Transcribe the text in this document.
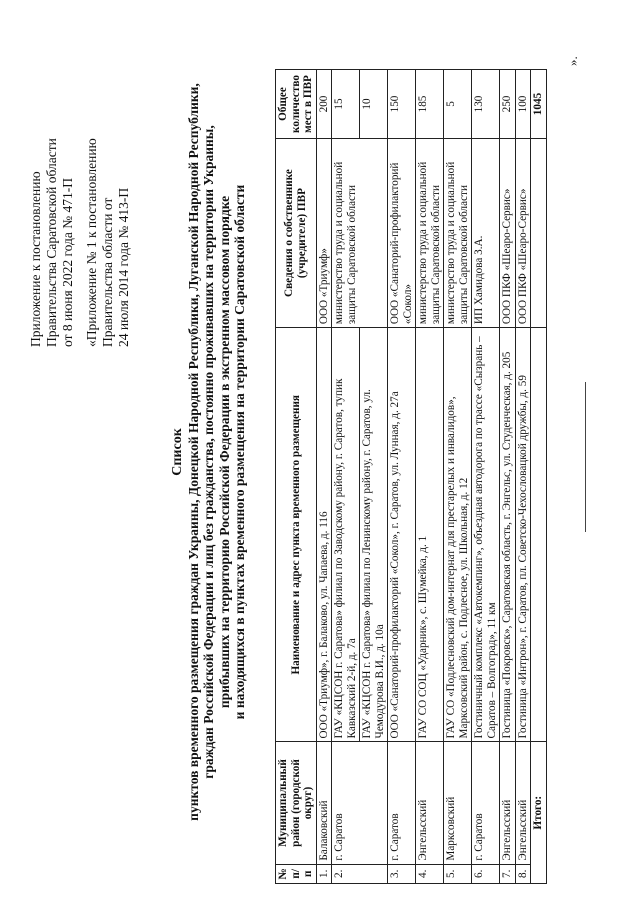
Приложение к постановлению Правительства Саратовской области от 8 июня 2022 года № 471-П «Приложение № 1 к постановлению Правительства области от 24 июля 2014 года № 413-П
Список пунктов временного размещения граждан Украины, Донецкой Народной Республики, Луганской Народной Республики, граждан Российской Федерации и лиц без гражданства, постоянно проживавших на территории Украины, прибывших на территорию Российской Федерации в экстренном массовом порядке и находящихся в пунктах временного размещения на территории Саратовской области
№ п/п	Муниципальный район (городской округ)	Наименование и адрес пункта временного размещения	Сведения о собственнике (учредителе) ПВР	Общее количество мест в ПВР
1.	Балаковский	ООО «Триумф», г. Балаково, ул. Чапаева, д. 116	ООО «Триумф»	200
2.	г. Саратов	ГАУ «КЦСОН г. Саратова» филиал по Заводскому району, г. Саратов, тупик Кавказский 2-й, д. 7а	министерство труда и социальной защиты Саратовской области	15
		ГАУ «КЦСОН г. Саратова» филиал по Ленинскому району, г. Саратов, ул. Чемодурова В.И., д. 10а		10
3.	г. Саратов	ООО «Санаторий-профилакторий «Сокол», г. Саратов, ул. Лунная, д. 27а	ООО «Санаторий-профилакторий «Сокол»	150
4.	Энгельсский	ГАУ СО СОЦ «Ударник», с. Шумейка, д. 1	министерство труда и социальной защиты Саратовской области	185
5.	Марксовский	ГАУ СО «Подлесновский дом-интернат для престарелых и инвалидов», Марксовский район, с. Подлесное, ул. Школьная, д. 12	министерство труда и социальной защиты Саратовской области	5
6.	г. Саратов	Гостиничный комплекс «Автокемпинг», объездная автодорога по трассе «Сызрань – Саратов – Волгоград», 11 км	ИП Хамидова З.А.	130
7.	Энгельсский	Гостиница «Покровск», Саратовская область, г. Энгельс, ул. Студенческая, д. 205	ООО ПКФ «Шеаро-Сервис»	250
8.	Энгельсский	Гостиница «Интрон», г. Саратов, пл. Советско-Чехословацкой дружбы, д. 59	ООО ПКФ «Шеаро-Сервис»	100
Итого:				1045
».
